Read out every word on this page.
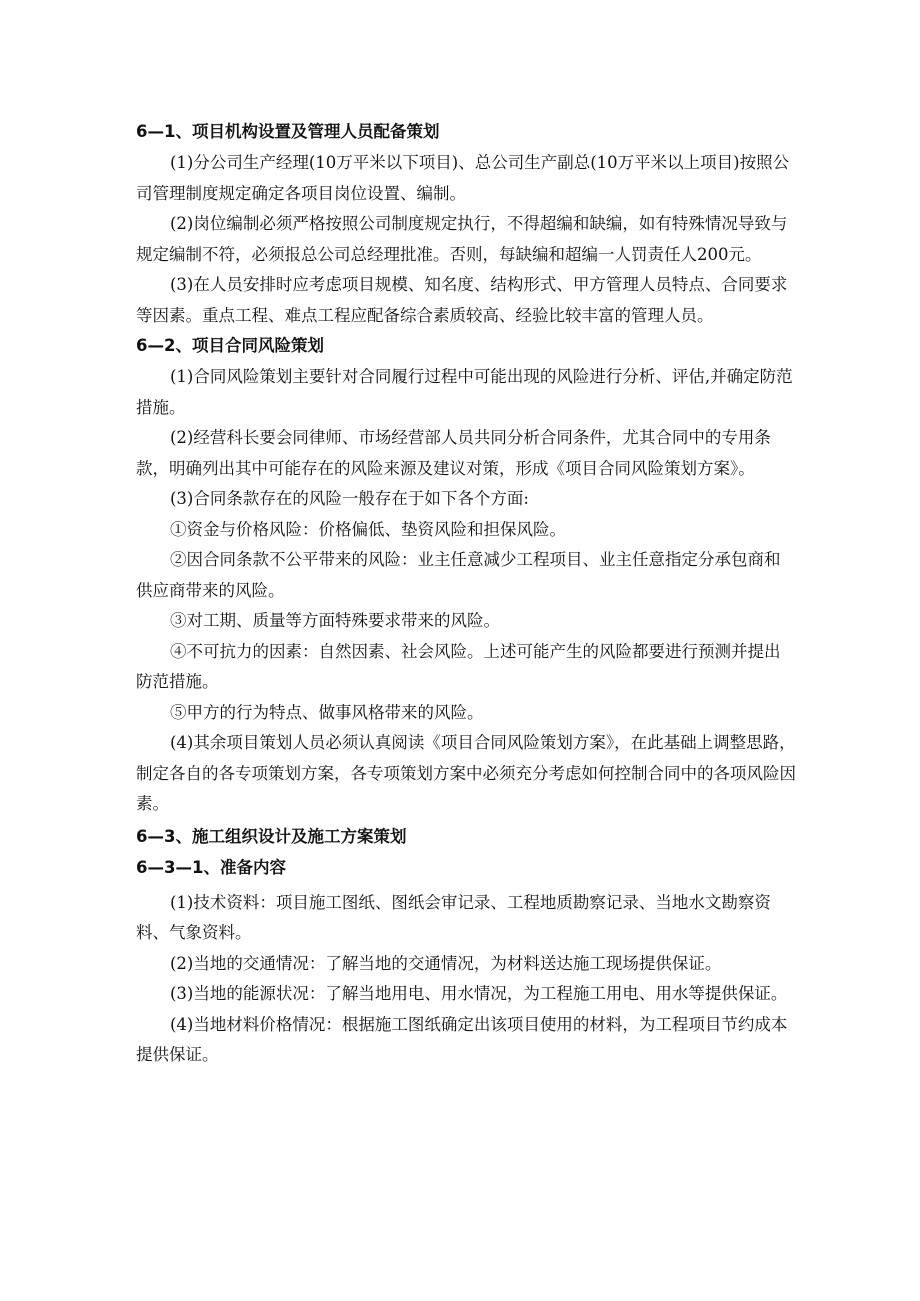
6—1、项目机构设置及管理人员配备策划

(1)分公司生产经理(10万平米以下项目)、总公司生产副总(10万平米以上项目)按照公司管理制度规定确定各项目岗位设置、编制。

(2)岗位编制必须严格按照公司制度规定执行，不得超编和缺编，如有特殊情况导致与规定编制不符，必须报总公司总经理批准。否则，每缺编和超编一人罚责任人200元。

(3)在人员安排时应考虑项目规模、知名度、结构形式、甲方管理人员特点、合同要求等因素。重点工程、难点工程应配备综合素质较高、经验比较丰富的管理人员。

6—2、项目合同风险策划

(1)合同风险策划主要针对合同履行过程中可能出现的风险进行分析、评估,并确定防范措施。

(2)经营科长要会同律师、市场经营部人员共同分析合同条件，尤其合同中的专用条款，明确列出其中可能存在的风险来源及建议对策，形成《项目合同风险策划方案》。

(3)合同条款存在的风险一般存在于如下各个方面:

①资金与价格风险：价格偏低、垫资风险和担保风险。

②因合同条款不公平带来的风险：业主任意减少工程项目、业主任意指定分承包商和供应商带来的风险。

③对工期、质量等方面特殊要求带来的风险。

④不可抗力的因素：自然因素、社会风险。上述可能产生的风险都要进行预测并提出防范措施。

⑤甲方的行为特点、做事风格带来的风险。

(4)其余项目策划人员必须认真阅读《项目合同风险策划方案》，在此基础上调整思路，制定各自的各专项策划方案，各专项策划方案中必须充分考虑如何控制合同中的各项风险因素。

6—3、施工组织设计及施工方案策划
6—3—1、准备内容

(1)技术资料：项目施工图纸、图纸会审记录、工程地质勘察记录、当地水文勘察资料、气象资料。

(2)当地的交通情况：了解当地的交通情况，为材料送达施工现场提供保证。

(3)当地的能源状况：了解当地用电、用水情况，为工程施工用电、用水等提供保证。

(4)当地材料价格情况：根据施工图纸确定出该项目使用的材料，为工程项目节约成本提供保证。
